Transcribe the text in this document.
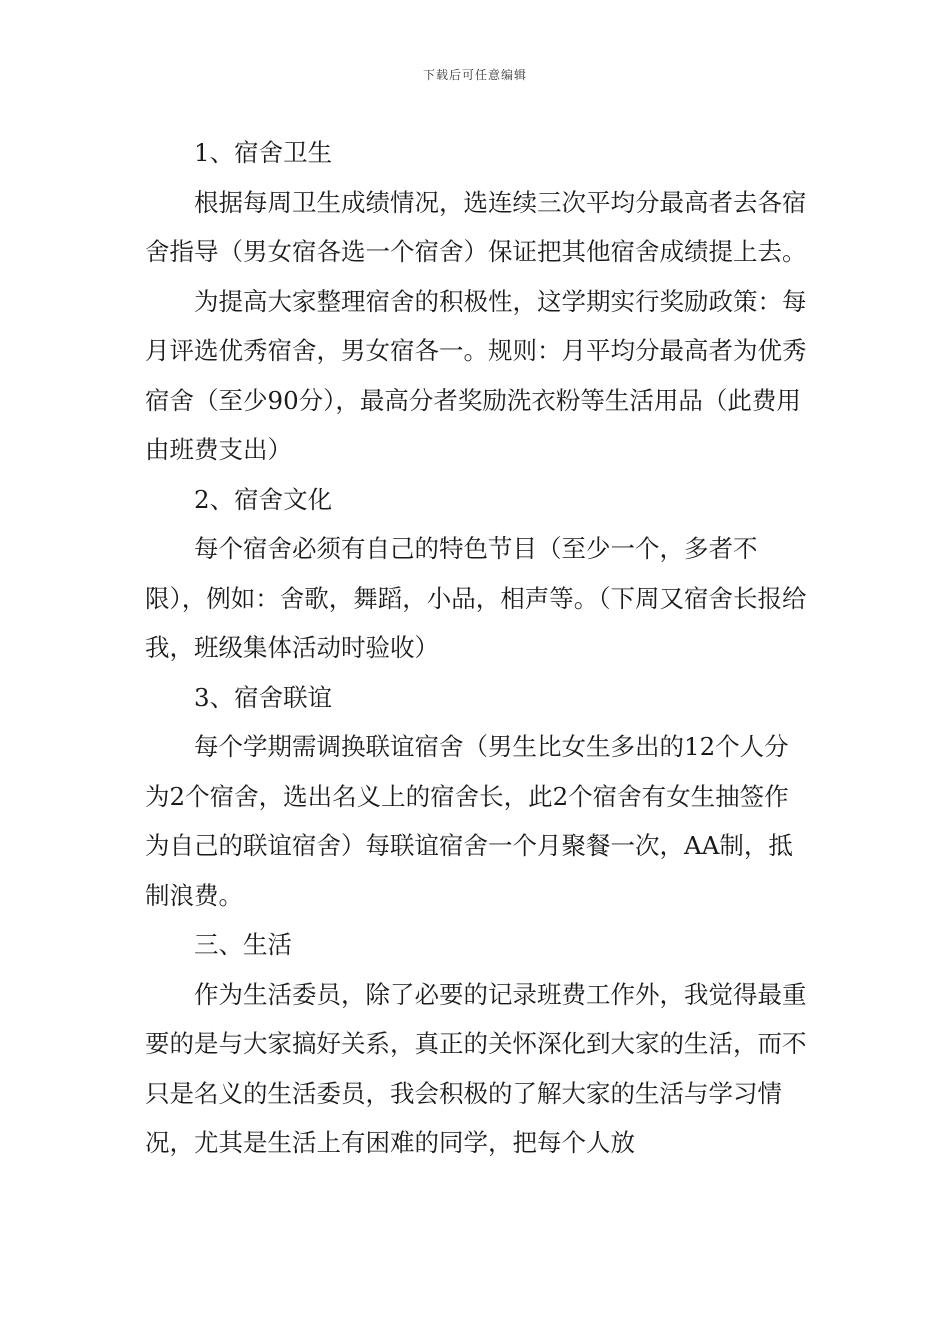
下载后可任意编辑

1、宿舍卫生

根据每周卫生成绩情况，选连续三次平均分最高者去各宿舍指导（男女宿各选一个宿舍）保证把其他宿舍成绩提上去。

为提高大家整理宿舍的积极性，这学期实行奖励政策：每月评选优秀宿舍，男女宿各一。规则：月平均分最高者为优秀宿舍（至少90分），最高分者奖励洗衣粉等生活用品（此费用由班费支出）

2、宿舍文化

每个宿舍必须有自己的特色节目（至少一个，多者不限），例如：舍歌，舞蹈，小品，相声等。（下周又宿舍长报给我，班级集体活动时验收）

3、宿舍联谊

每个学期需调换联谊宿舍（男生比女生多出的12个人分为2个宿舍，选出名义上的宿舍长，此2个宿舍有女生抽签作为自己的联谊宿舍）每联谊宿舍一个月聚餐一次，AA制，抵制浪费。

三、生活

作为生活委员，除了必要的记录班费工作外，我觉得最重要的是与大家搞好关系，真正的关怀深化到大家的生活，而不只是名义的生活委员，我会积极的了解大家的生活与学习情况，尤其是生活上有困难的同学，把每个人放
